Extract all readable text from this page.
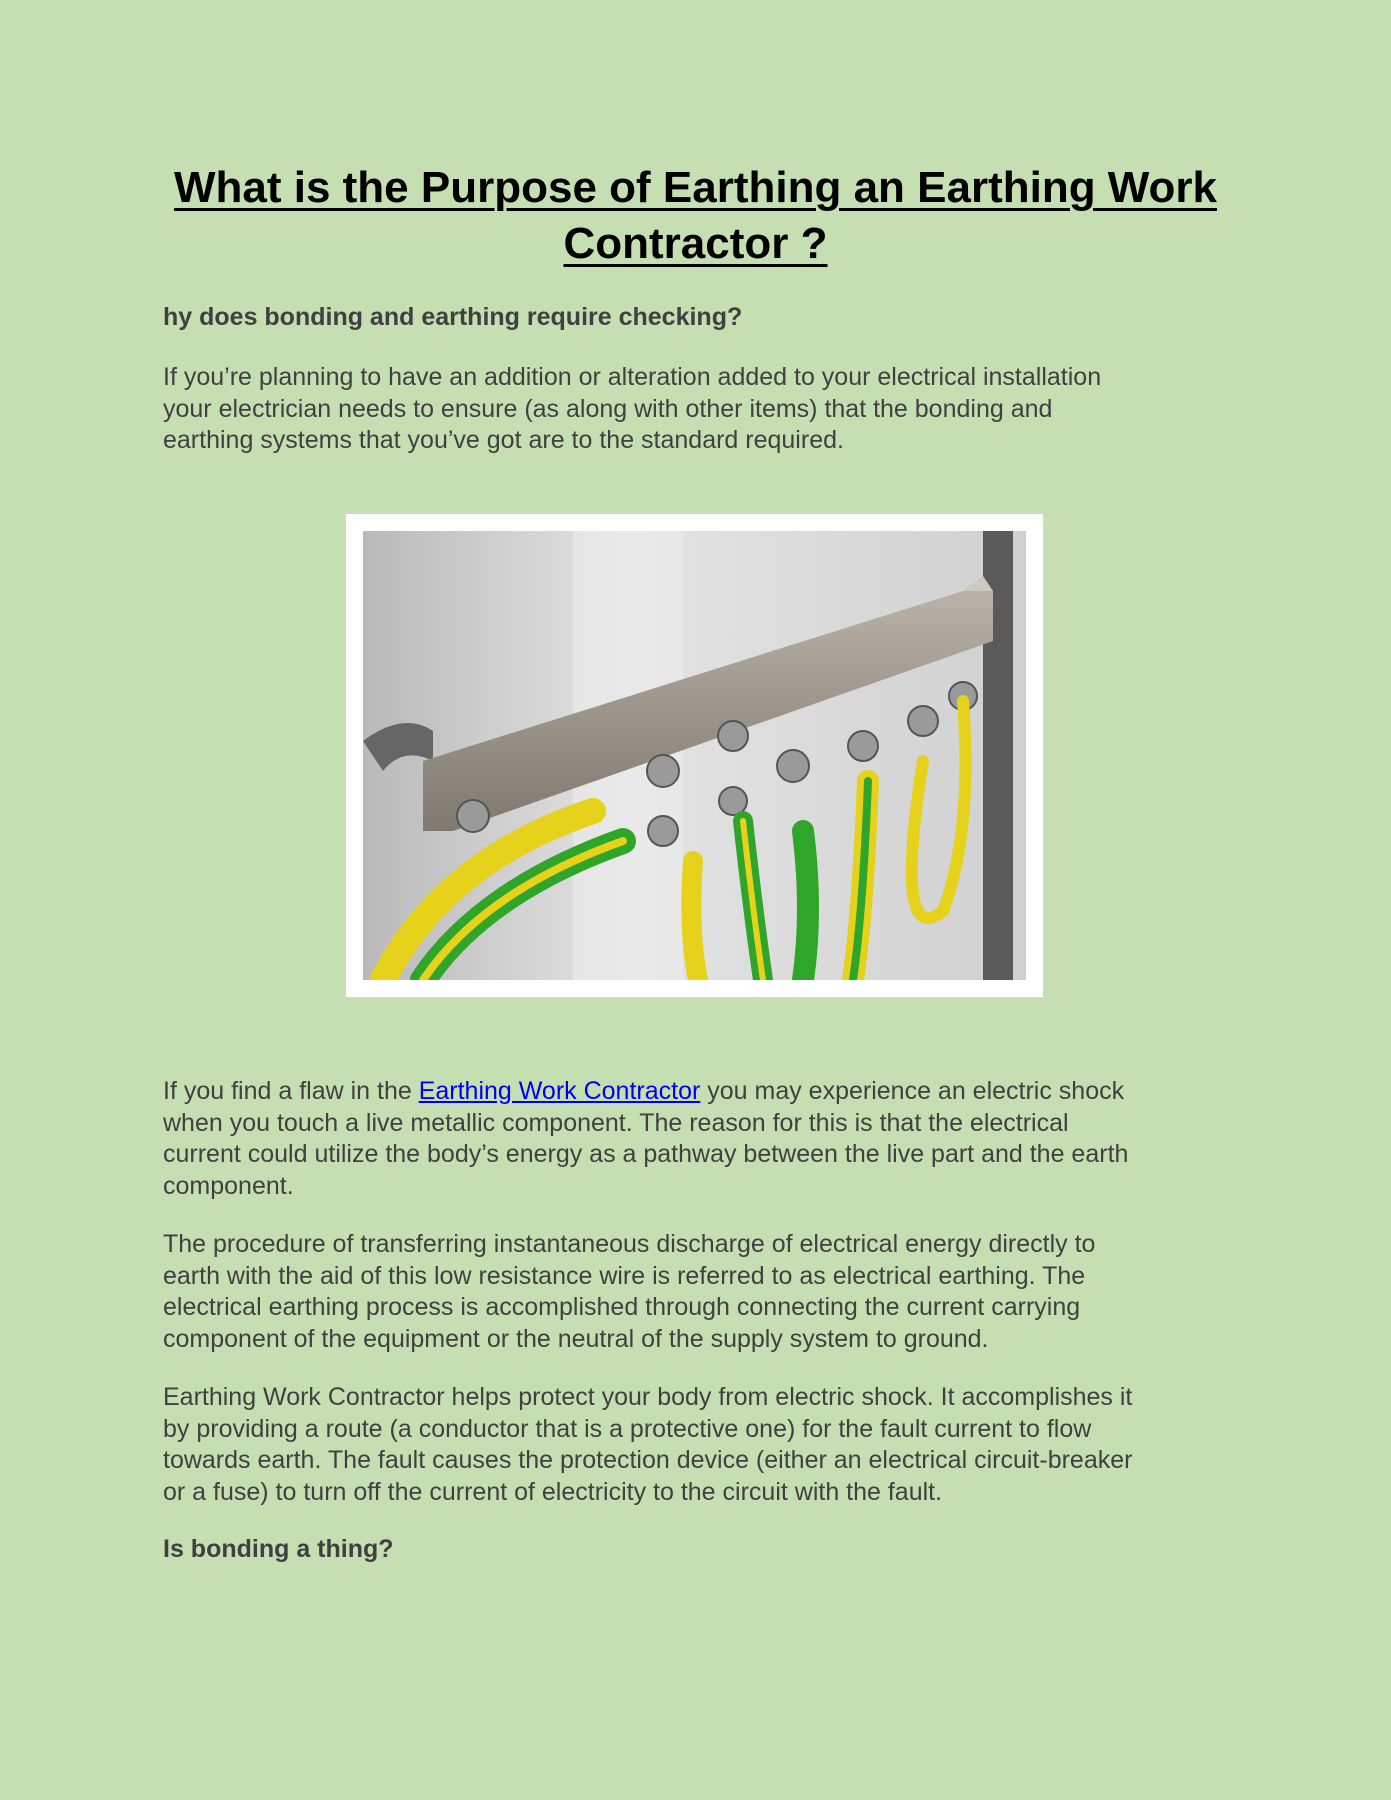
What is the Purpose of Earthing an Earthing Work
Contractor ?
hy does bonding and earthing require checking?

If you’re planning to have an addition or alteration added to your electrical installation
your electrician needs to ensure (as along with other items) that the bonding and
earthing systems that you’ve got are to the standard required.

If you find a flaw in the Earthing Work Contractor you may experience an electric shock
when you touch a live metallic component. The reason for this is that the electrical
current could utilize the body’s energy as a pathway between the live part and the earth
component.

The procedure of transferring instantaneous discharge of electrical energy directly to
earth with the aid of this low resistance wire is referred to as electrical earthing. The
electrical earthing process is accomplished through connecting the current carrying
component of the equipment or the neutral of the supply system to ground.

Earthing Work Contractor helps protect your body from electric shock. It accomplishes it
by providing a route (a conductor that is a protective one) for the fault current to flow
towards earth. The fault causes the protection device (either an electrical circuit-breaker
or a fuse) to turn off the current of electricity to the circuit with the fault.

Is bonding a thing?
